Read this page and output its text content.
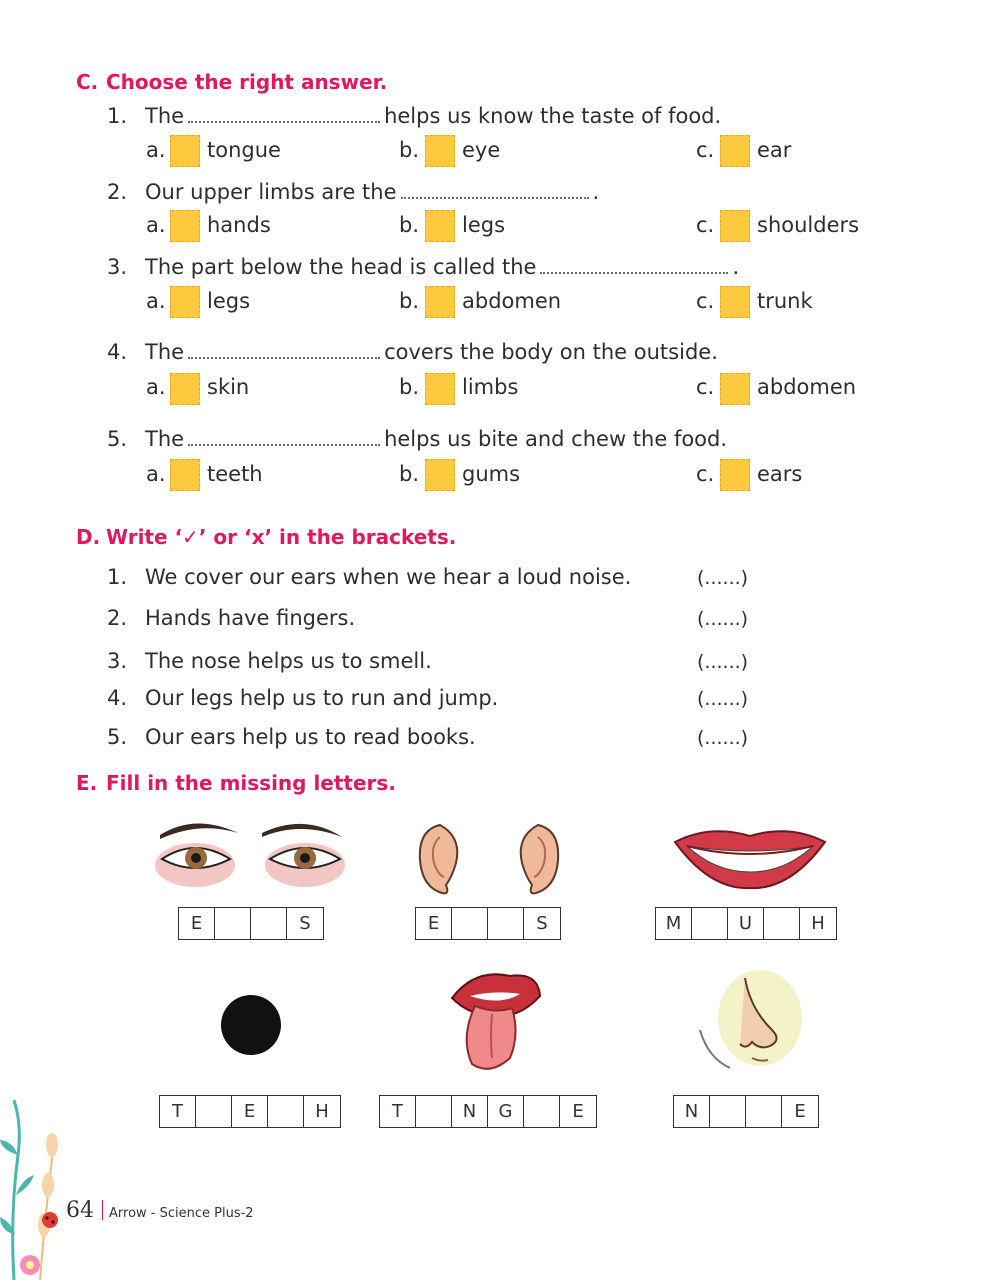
C. Choose the right answer.
1. The	helps us know the taste of food.
a. tongue	b. eye	c. ear
2. Our upper limbs are the	.
a. hands	b. legs	c. shoulders
3. The part below the head is called the	.
a. legs	b. abdomen	c. trunk
4. The	covers the body on the outside.
a. skin	b. limbs	c. abdomen
5. The	helps us bite and chew the food.
a. teeth	b. gums	c. ears
D. Write ‘✓’ or ‘x’ in the brackets.
1. We cover our ears when we hear a loud noise.	(......)
2. Hands have fingers.	(......)
3. The nose helps us to smell.	(......)
4. Our legs help us to run and jump.	(......)
5. Our ears help us to read books.	(......)
E. Fill in the missing letters.
E	S	E	S	M	U	H
T	E	H	T	N	G	E	N	E
64 Arrow - Science Plus-2
